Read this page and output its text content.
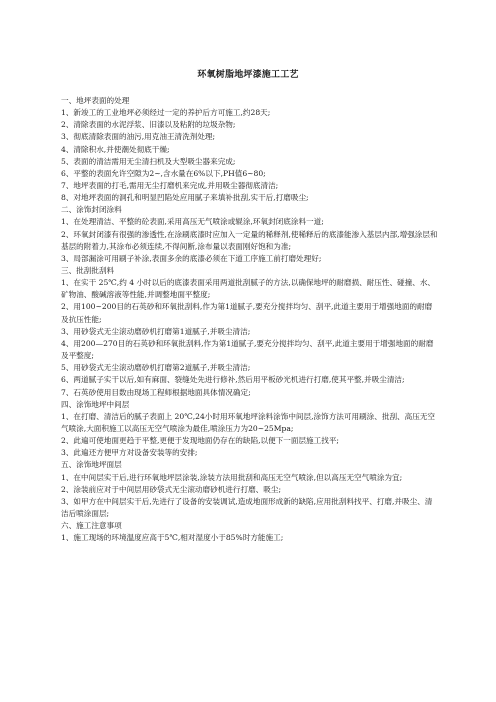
环氧树脂地坪漆施工工艺
一、地坪表面的处理
1、新竣工的工业地坪必须经过一定的养护后方可施工,约28天;
2、清除表面的水泥浮浆、旧漆以及粘附的垃圾杂物;
3、彻底清除表面的油污,用克油王清洗剂处理;
4、清除积水,并使潮处彻底干燥;
5、表面的清洁需用无尘清扫机及大型吸尘器来完成;
6、平整的表面允许空隙为2~,含水量在6%以下,PH值6~80;
7、地坪表面的打毛,需用无尘打磨机来完成,并用吸尘器彻底清洁;
8、对地坪表面的洞孔和明显凹陷处应用腻子来填补批刮,实干后,打磨吸尘;
二、涂饰封闭涂料
1、在处理清洁、平整的砼表面,采用高压无气喷涂或辊涂,环氧封闭底涂料一道;
2、环氧封闭漆有很强的渗透性,在涂刷底漆时应加入一定量的稀释剂,使稀释后的底漆能渗入基层内部,增强涂层和基层的附着力,其涂布必须连续,不得间断,涂布量以表面刚好饱和为准;
3、局部漏涂可用刷子补涂,表面多余的底漆必须在下道工序施工前打磨处理好;
三、批刮批刮料
1、在实干 25℃,约 4 小时以后的底漆表面采用两道批刮腻子的方法,以确保地坪的耐磨损、耐压性、碰撞、水、矿物油、酸碱溶液等性能,并调整地面平整度;
2、用100~200目的石英砂和环氧批刮料,作为第1道腻子,要充分搅拌均匀、刮平,此道主要用于增强地面的耐磨及抗压性能;
3、用砂袋式无尘滚动磨砂机打磨第1道腻子,并吸尘清洁;
4、用200—270目的石英砂和环氧批刮料,作为第1道腻子,要充分搅拌均匀、刮平,此道主要用于增强地面的耐磨及平整度;
5、用砂袋式无尘滚动磨砂机打磨第2道腻子,并吸尘清洁;
6、两道腻子实干以后,如有麻面、裂缝处先进行修补,然后用平板砂光机进行打磨,使其平整,并吸尘清洁;
7、石英砂使用目数由现场工程师根据地面具体情况确定;
四、涂饰地坪中间层
1、在打磨、清洁后的腻子表面上 20℃,24小时用环氧地坪涂料涂饰中间层,涂饰方法可用刷涂、批刮、高压无空气喷涂,大面积施工以高压无空气喷涂为最佳,喷涂压力为20~25Mpa;
2、此遍可使地面更趋于平整,更便于发现地面仍存在的缺陷,以便下一面层施工找平;
3、此遍还方便甲方对设备安装等的安排;
五、涂饰地坪面层
1、在中间层实干后,进行环氧地坪层涂装,涂装方法用批刮和高压无空气喷涂,但以高压无空气喷涂为宜;
2、涂装前应对于中间层用砂袋式无尘滚动磨砂机进行打磨、吸尘;
3、如甲方在中间层实干后,先进行了设备的安装调试,造成地面形成新的缺陷,应用批刮料找平、打磨,并吸尘、清洁后喷涂面层;
六、施工注意事项
1、施工现场的环境温度应高于5℃,相对湿度小于85%时方能施工;
